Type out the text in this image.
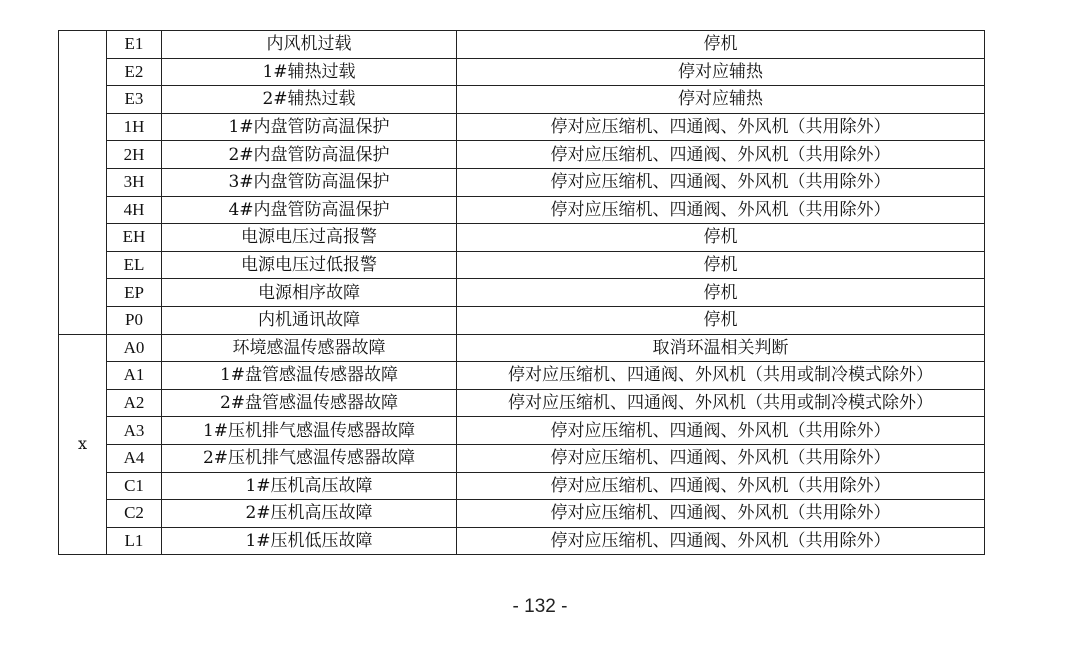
	E1	内风机过载	停机
	E2	1#辅热过载	停对应辅热
	E3	2#辅热过载	停对应辅热
	1H	1#内盘管防高温保护	停对应压缩机、四通阀、外风机（共用除外）
	2H	2#内盘管防高温保护	停对应压缩机、四通阀、外风机（共用除外）
	3H	3#内盘管防高温保护	停对应压缩机、四通阀、外风机（共用除外）
	4H	4#内盘管防高温保护	停对应压缩机、四通阀、外风机（共用除外）
	EH	电源电压过高报警	停机
	EL	电源电压过低报警	停机
	EP	电源相序故障	停机
	P0	内机通讯故障	停机
x	A0	环境感温传感器故障	取消环温相关判断
	A1	1#盘管感温传感器故障	停对应压缩机、四通阀、外风机（共用或制冷模式除外）
	A2	2#盘管感温传感器故障	停对应压缩机、四通阀、外风机（共用或制冷模式除外）
	A3	1#压机排气感温传感器故障	停对应压缩机、四通阀、外风机（共用除外）
	A4	2#压机排气感温传感器故障	停对应压缩机、四通阀、外风机（共用除外）
	C1	1#压机高压故障	停对应压缩机、四通阀、外风机（共用除外）
	C2	2#压机高压故障	停对应压缩机、四通阀、外风机（共用除外）
	L1	1#压机低压故障	停对应压缩机、四通阀、外风机（共用除外）
- 132 -
